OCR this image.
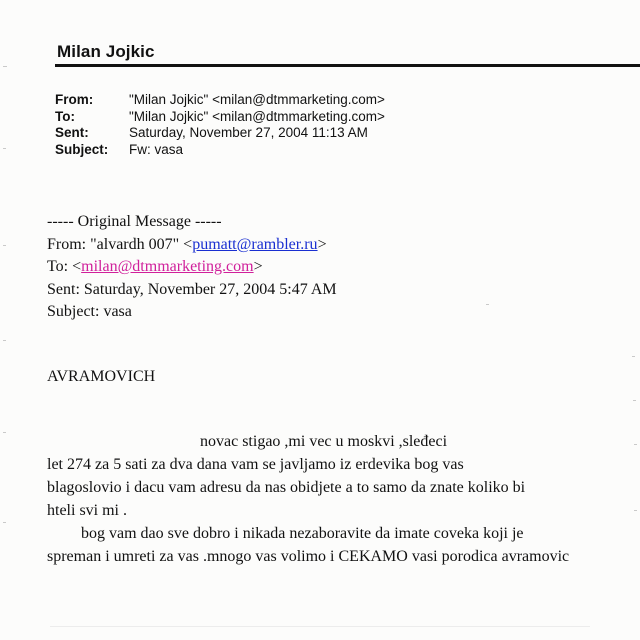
Milan Jojkic
From:	"Milan Jojkic" <milan@dtmmarketing.com>
To:	"Milan Jojkic" <milan@dtmmarketing.com>
Sent:	Saturday, November 27, 2004 11:13 AM
Subject:	Fw: vasa
----- Original Message -----
From: "alvardh 007" <pumatt@rambler.ru>
To: <milan@dtmmarketing.com>
Sent: Saturday, November 27, 2004 5:47 AM
Subject: vasa
AVRAMOVICH
novac stigao ,mi vec u moskvi ,sleđeci
let 274 za 5 sati za dva dana vam se javljamo iz erdevika bog vas
blagoslovio i dacu vam adresu da nas obidjete a to samo da znate koliko bi
hteli svi mi .
bog vam dao sve dobro i nikada nezaboravite da imate coveka koji je
spreman i umreti za vas .mnogo vas volimo i CEKAMO vasi porodica avramovic
